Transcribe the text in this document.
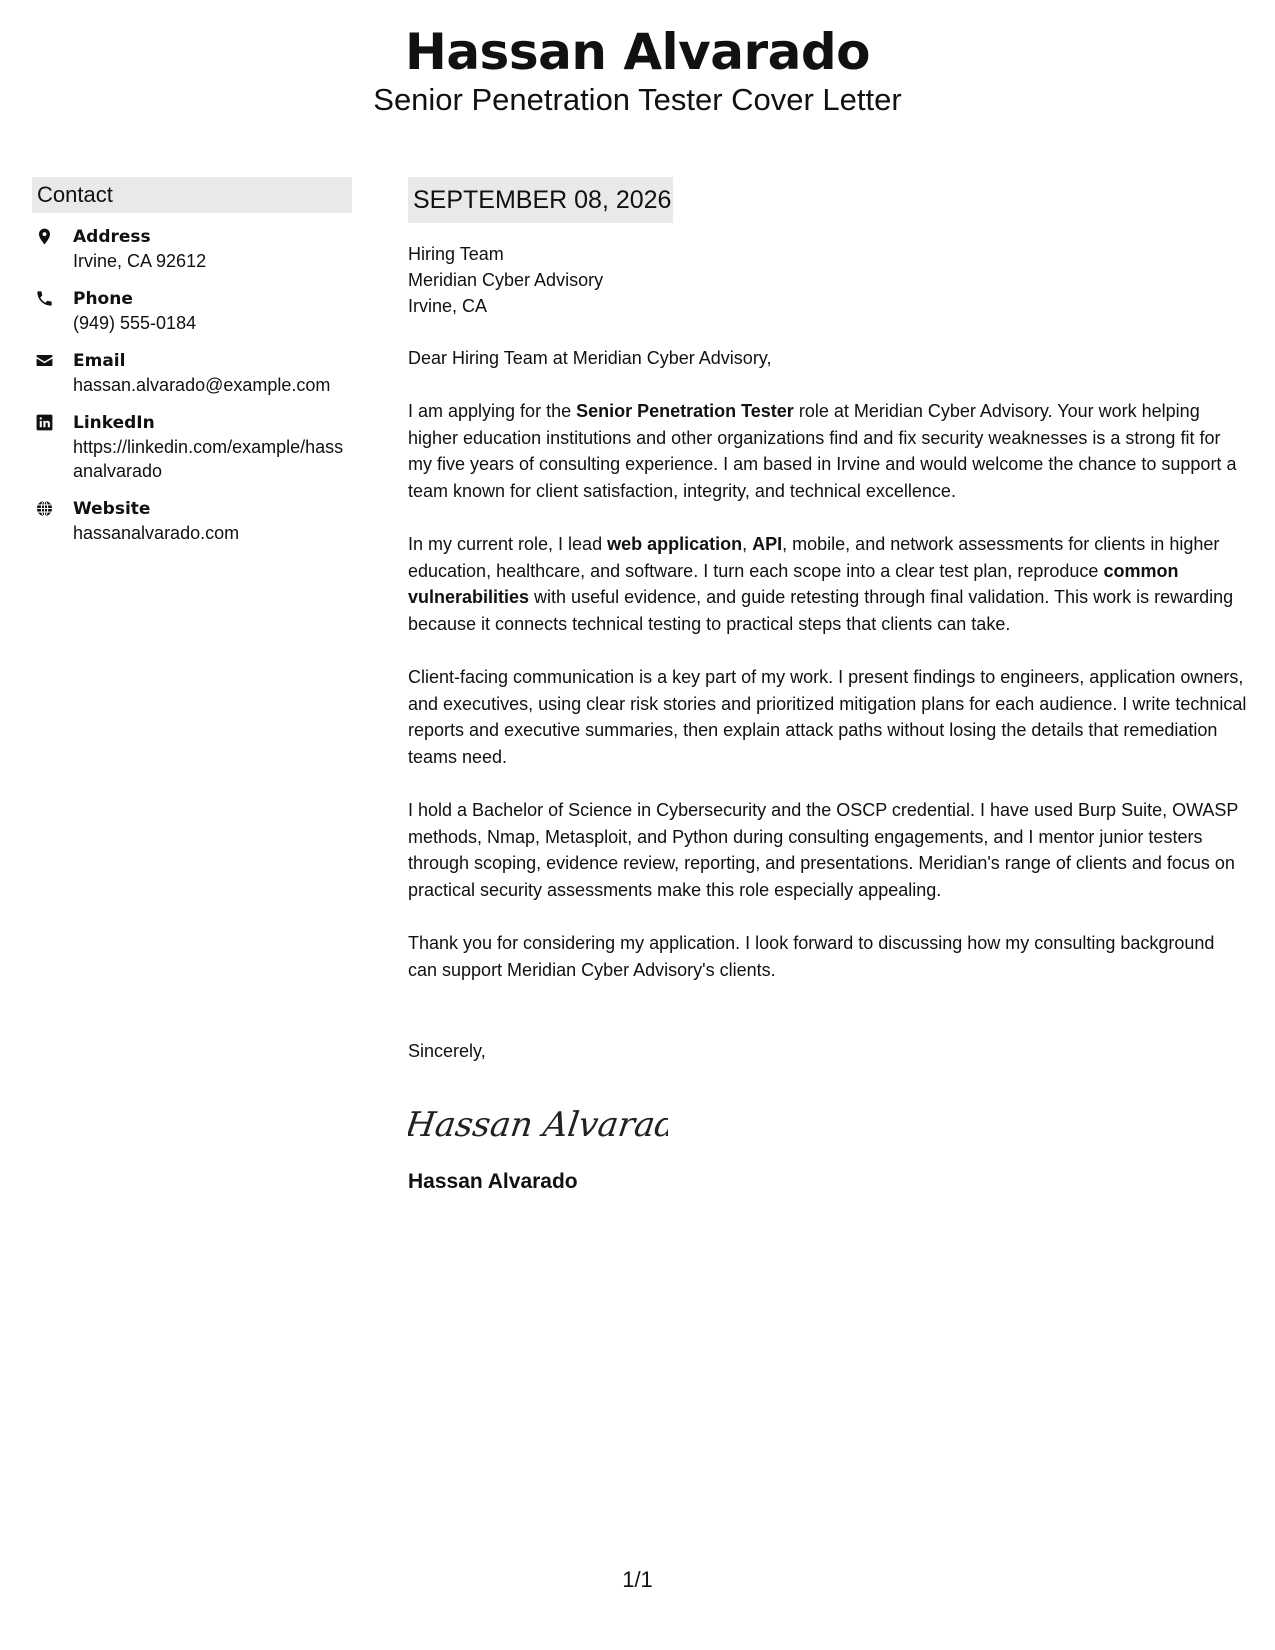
Hassan Alvarado
Senior Penetration Tester Cover Letter
Contact
Address
Irvine, CA 92612
Phone
(949) 555-0184
Email
hassan.alvarado@example.com
LinkedIn
https://linkedin.com/example/hassanalvarado
Website
hassanalvarado.com
SEPTEMBER 08, 2026
Hiring Team
Meridian Cyber Advisory
Irvine, CA
Dear Hiring Team at Meridian Cyber Advisory,
I am applying for the Senior Penetration Tester role at Meridian Cyber Advisory. Your work helping higher education institutions and other organizations find and fix security weaknesses is a strong fit for my five years of consulting experience. I am based in Irvine and would welcome the chance to support a team known for client satisfaction, integrity, and technical excellence.
In my current role, I lead web application, API, mobile, and network assessments for clients in higher education, healthcare, and software. I turn each scope into a clear test plan, reproduce common vulnerabilities with useful evidence, and guide retesting through final validation. This work is rewarding because it connects technical testing to practical steps that clients can take.
Client-facing communication is a key part of my work. I present findings to engineers, application owners, and executives, using clear risk stories and prioritized mitigation plans for each audience. I write technical reports and executive summaries, then explain attack paths without losing the details that remediation teams need.
I hold a Bachelor of Science in Cybersecurity and the OSCP credential. I have used Burp Suite, OWASP methods, Nmap, Metasploit, and Python during consulting engagements, and I mentor junior testers through scoping, evidence review, reporting, and presentations. Meridian's range of clients and focus on practical security assessments make this role especially appealing.
Thank you for considering my application. I look forward to discussing how my consulting background can support Meridian Cyber Advisory's clients.
Sincerely,
Hassan Alvarad
Hassan Alvarado
1/1
